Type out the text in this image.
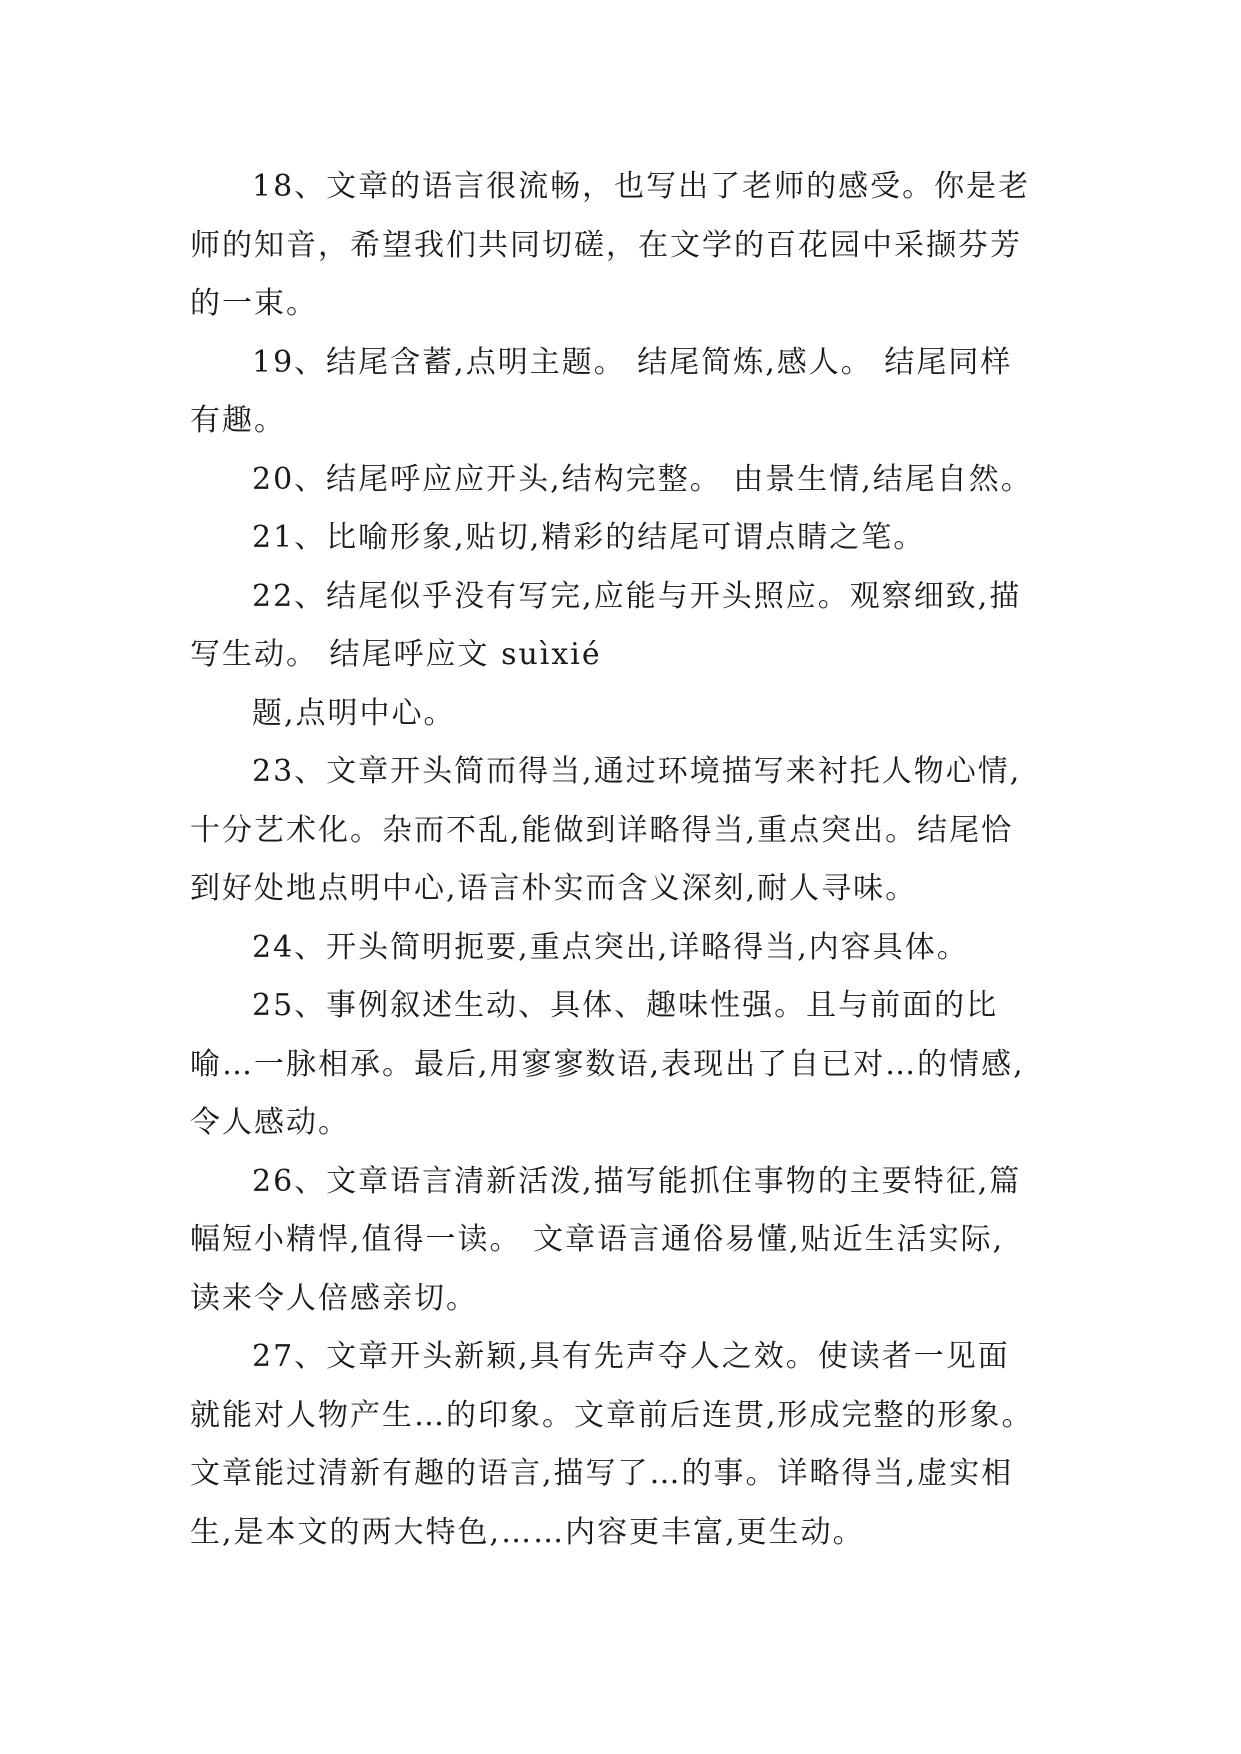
18、文章的语言很流畅，也写出了老师的感受。你是老
师的知音，希望我们共同切磋，在文学的百花园中采撷芬芳
的一束。
19、结尾含蓄,点明主题。 结尾简炼,感人。 结尾同样
有趣。
20、结尾呼应应开头,结构完整。 由景生情,结尾自然。
21、比喻形象,贴切,精彩的结尾可谓点睛之笔。
22、结尾似乎没有写完,应能与开头照应。观察细致,描
写生动。 结尾呼应文 suìxié
题,点明中心。
23、文章开头简而得当,通过环境描写来衬托人物心情,
十分艺术化。杂而不乱,能做到详略得当,重点突出。结尾恰
到好处地点明中心,语言朴实而含义深刻,耐人寻味。
24、开头简明扼要,重点突出,详略得当,内容具体。
25、事例叙述生动、具体、趣味性强。且与前面的比
喻…一脉相承。最后,用寥寥数语,表现出了自已对…的情感,
令人感动。
26、文章语言清新活泼,描写能抓住事物的主要特征,篇
幅短小精悍,值得一读。 文章语言通俗易懂,贴近生活实际,
读来令人倍感亲切。
27、文章开头新颖,具有先声夺人之效。使读者一见面
就能对人物产生…的印象。文章前后连贯,形成完整的形象。
文章能过清新有趣的语言,描写了…的事。详略得当,虚实相
生,是本文的两大特色,……内容更丰富,更生动。
